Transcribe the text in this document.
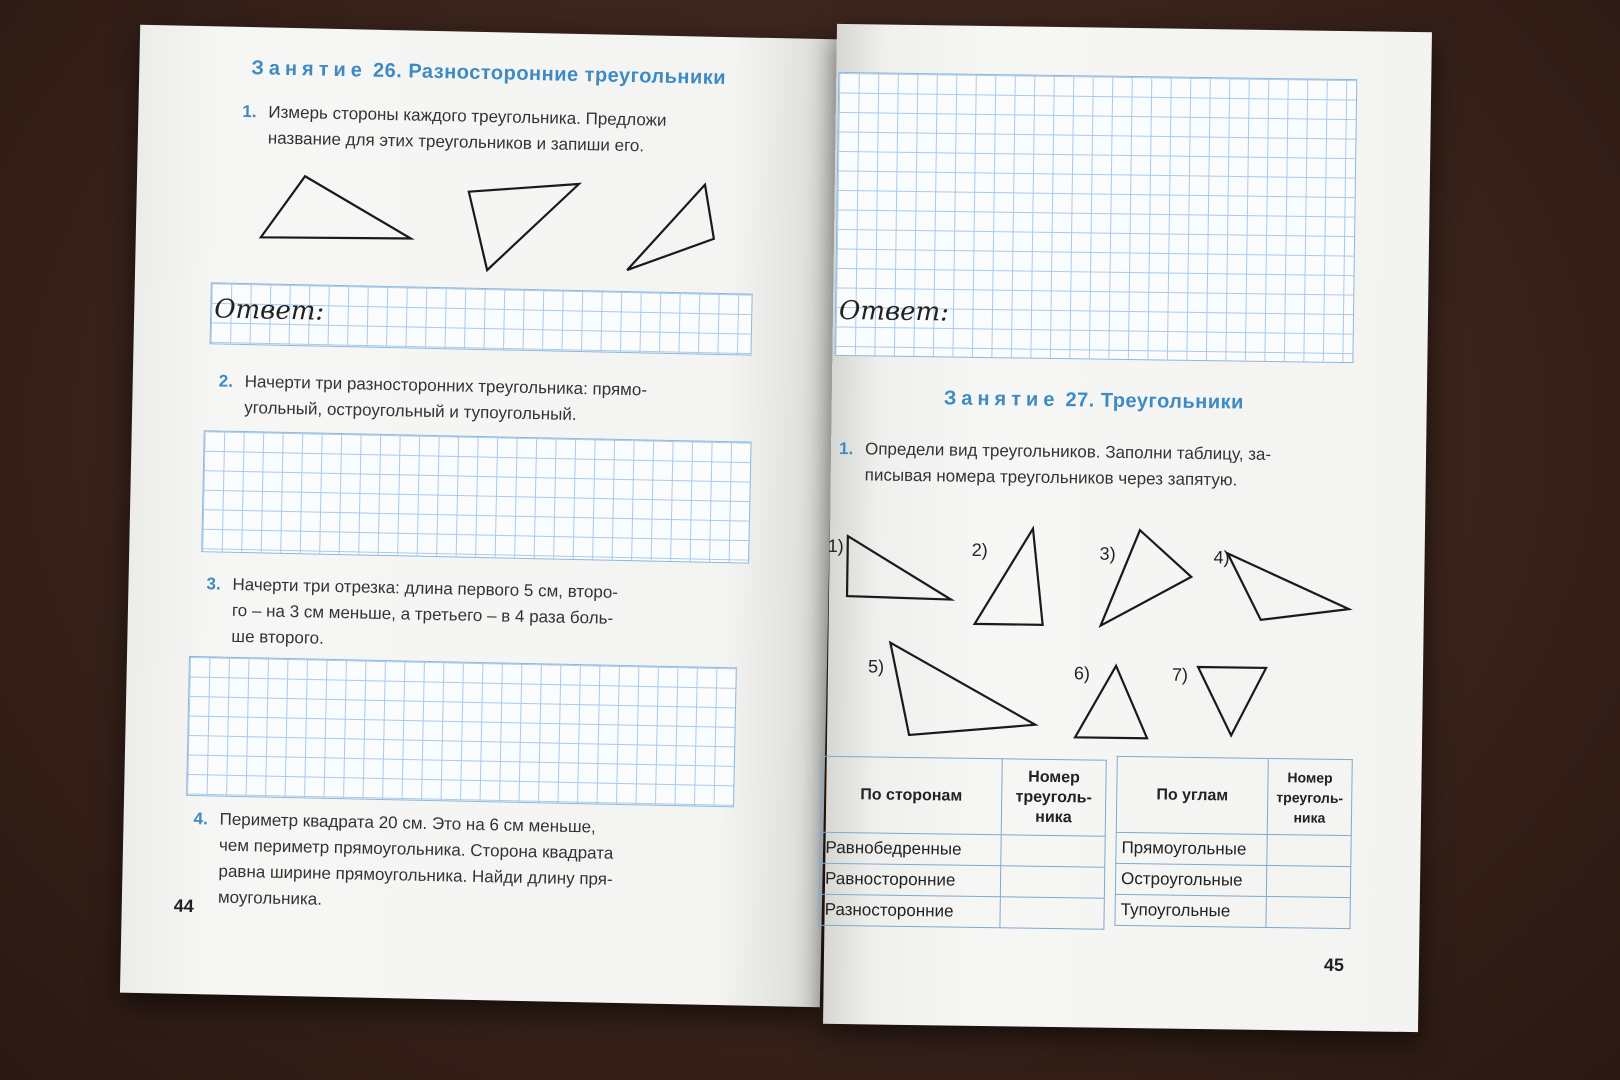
Занятие 26. Разносторонние треугольники
1. Измерь стороны каждого треугольника. Предложи
название для этих треугольников и запиши его.
Ответ:
2. Начерти три разносторонних треугольника: прямо-
угольный, остроугольный и тупоугольный.
3. Начерти три отрезка: длина первого 5 см, второ-
го – на 3 см меньше, а третьего – в 4 раза боль-
ше второго.
4. Периметр квадрата 20 см. Это на 6 см меньше,
чем периметр прямоугольника. Сторона квадрата
равна ширине прямоугольника. Найди длину пря-
моугольника.
44
Ответ:
Занятие 27. Треугольники
1. Определи вид треугольников. Заполни таблицу, за-
писывая номера треугольников через запятую.
1)	2)	3)	4)
5)	6)	7)
По сторонам	Номер
треуголь-
ника

Равнобедренные	
Равносторонние	
Разносторонние	
По углам	Номер
треуголь-
ника

Прямоугольные	
Остроугольные	
Тупоугольные	
45
